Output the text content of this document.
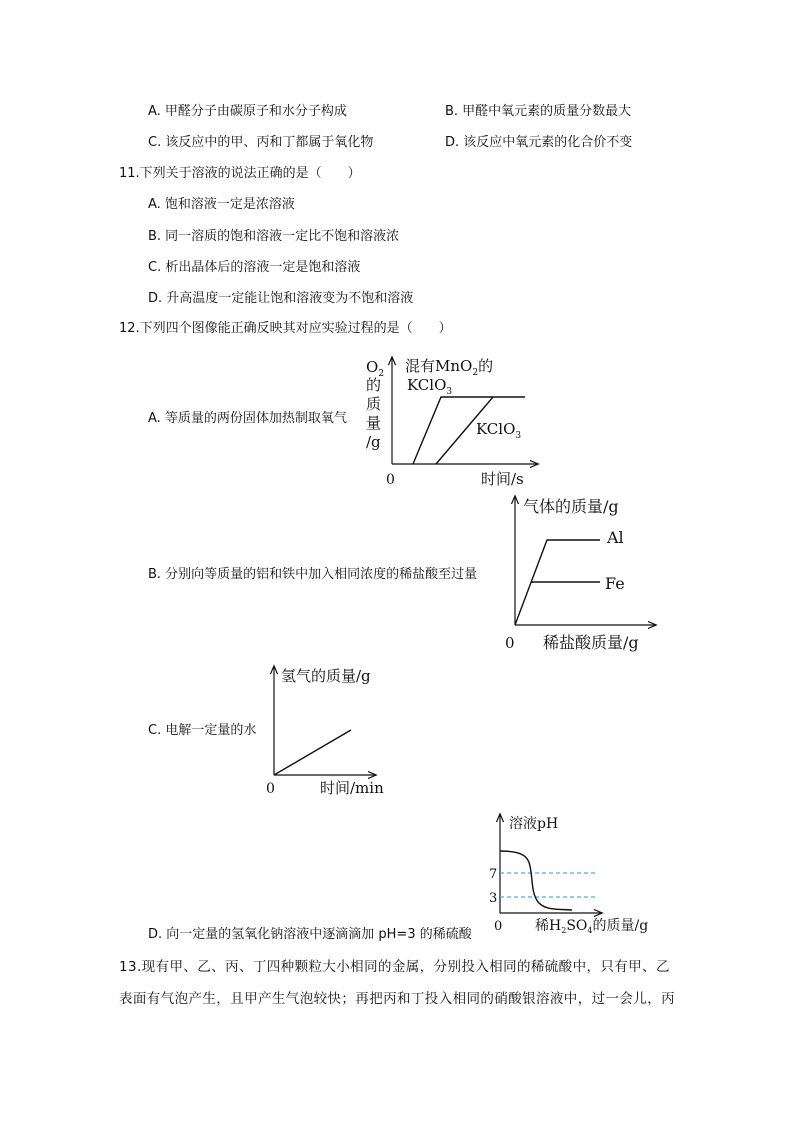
A. 甲醛分子由碳原子和水分子构成	B. 甲醛中氧元素的质量分数最大
C. 该反应中的甲、丙和丁都属于氧化物	D. 该反应中氧元素的化合价不变
11.下列关于溶液的说法正确的是（　　）
A. 饱和溶液一定是浓溶液
B. 同一溶质的饱和溶液一定比不饱和溶液浓
C. 析出晶体后的溶液一定是饱和溶液
D. 升高温度一定能让饱和溶液变为不饱和溶液
12.下列四个图像能正确反映其对应实验过程的是（　　）
A. 等质量的两份固体加热制取氧气
B. 分别向等质量的铝和铁中加入相同浓度的稀盐酸至过量
C. 电解一定量的水
D. 向一定量的氢氧化钠溶液中逐滴滴加 pH=3 的稀硫酸
$O_2$
的
质
量
/g
0	时间/s
混有MnO$_2$的
KClO$_3$
KClO$_3$
气体的质量/g
0 稀盐酸质量/g
Al
Fe
氢气的质量/g
0	时间/min
溶液pH
7
3
0 稀$H_2SO_4$的质量/g
13.现有甲、乙、丙、丁四种颗粒大小相同的金属，分别投入相同的稀硫酸中，只有甲、乙
表面有气泡产生，且甲产生气泡较快；再把丙和丁投入相同的硝酸银溶液中，过一会儿，丙
